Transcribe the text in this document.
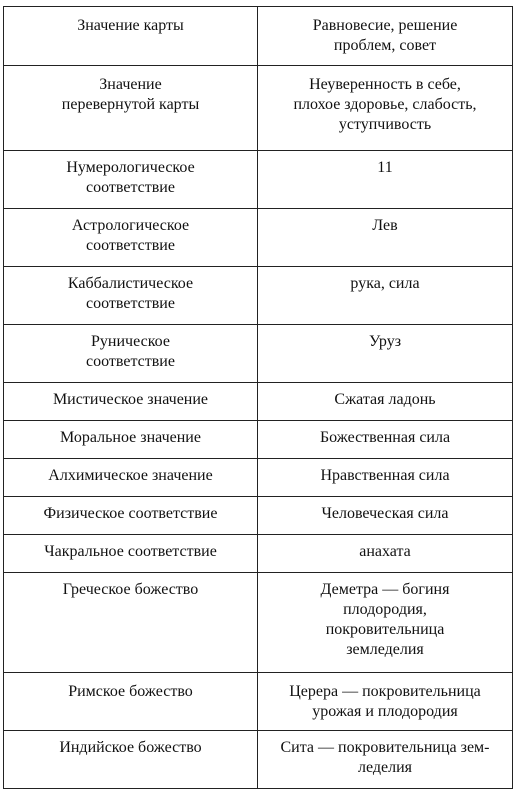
Значение карты	Равновесие, решение
проблем, совет

Значение
перевернутой карты	Неуверенность в себе,
плохое здоровье, слабость,
уступчивость

Нумерологическое
соответствие	11

Астрологическое
соответствие	Лев

Каббалистическое
соответствие	рука, сила

Руническое
соответствие	Уруз

Мистическое значение	Сжатая ладонь

Моральное значение	Божественная сила

Алхимическое значение	Нравственная сила

Физическое соответствие	Человеческая сила

Чакральное соответствие	анахата

Греческое божество	Деметра — богиня
плодородия,
покровительница
земледелия

Римское божество	Церера — покровительница
урожая и плодородия

Индийское божество	Сита — покровительница зем-
леделия
